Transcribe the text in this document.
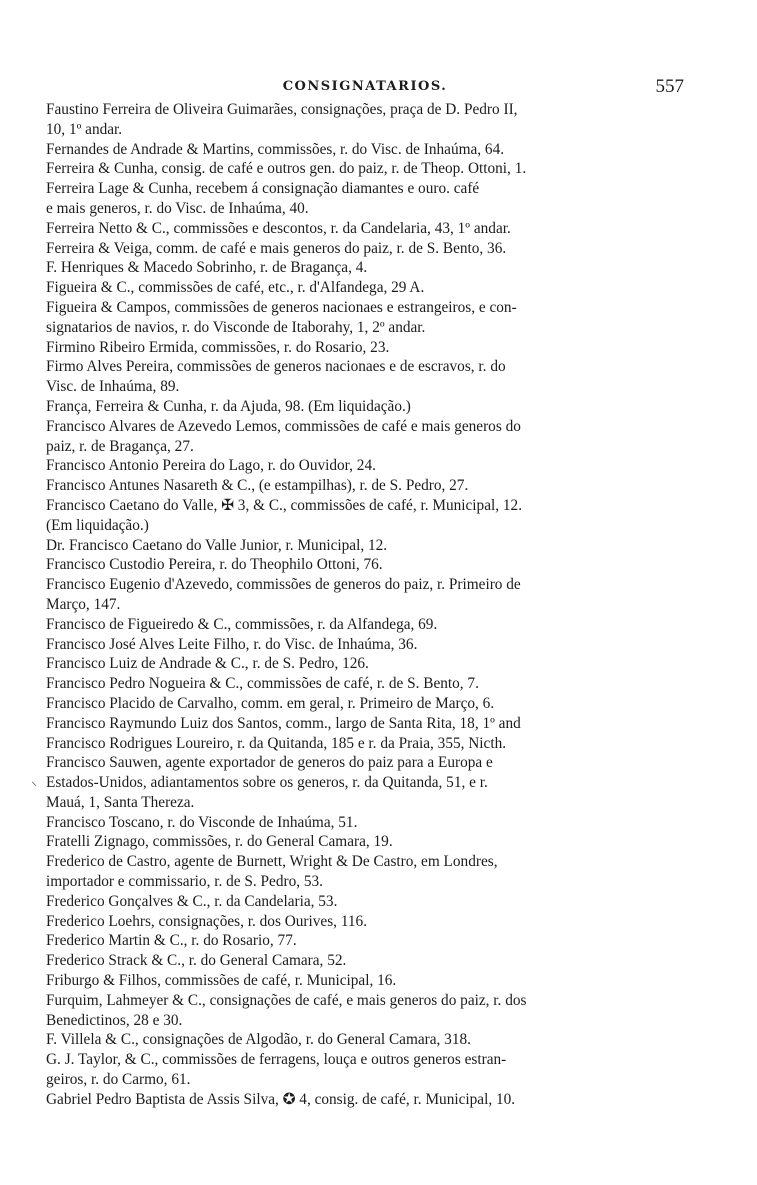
CONSIGNATARIOS.	557
⸜
Faustino Ferreira de Oliveira Guimarães, consignações, praça de D. Pedro II,
10, 1º andar.
Fernandes de Andrade & Martins, commissões, r. do Visc. de Inhaúma, 64.
Ferreira & Cunha, consig. de café e outros gen. do paiz, r. de Theop. Ottoni, 1.
Ferreira Lage & Cunha, recebem á consignação diamantes e ouro. café
e mais generos, r. do Visc. de Inhaúma, 40.
Ferreira Netto & C., commissões e descontos, r. da Candelaria, 43, 1º andar.
Ferreira & Veiga, comm. de café e mais generos do paiz, r. de S. Bento, 36.
F. Henriques & Macedo Sobrinho, r. de Bragança, 4.
Figueira & C., commissões de café, etc., r. d'Alfandega, 29 A.
Figueira & Campos, commissões de generos nacionaes e estrangeiros, e con-
signatarios de navios, r. do Visconde de Itaborahy, 1, 2º andar.
Firmino Ribeiro Ermida, commissões, r. do Rosario, 23.
Firmo Alves Pereira, commissões de generos nacionaes e de escravos, r. do
Visc. de Inhaúma, 89.
França, Ferreira & Cunha, r. da Ajuda, 98. (Em liquidação.)
Francisco Alvares de Azevedo Lemos, commissões de café e mais generos do
paiz, r. de Bragança, 27.
Francisco Antonio Pereira do Lago, r. do Ouvidor, 24.
Francisco Antunes Nasareth & C., (e estampilhas), r. de S. Pedro, 27.
Francisco Caetano do Valle, ✠ 3, & C., commissões de café, r. Municipal, 12.
(Em liquidação.)
Dr. Francisco Caetano do Valle Junior, r. Municipal, 12.
Francisco Custodio Pereira, r. do Theophilo Ottoni, 76.
Francisco Eugenio d'Azevedo, commissões de generos do paiz, r. Primeiro de
Março, 147.
Francisco de Figueiredo & C., commissões, r. da Alfandega, 69.
Francisco José Alves Leite Filho, r. do Visc. de Inhaúma, 36.
Francisco Luiz de Andrade & C., r. de S. Pedro, 126.
Francisco Pedro Nogueira & C., commissões de café, r. de S. Bento, 7.
Francisco Placido de Carvalho, comm. em geral, r. Primeiro de Março, 6.
Francisco Raymundo Luiz dos Santos, comm., largo de Santa Rita, 18, 1º and
Francisco Rodrigues Loureiro, r. da Quitanda, 185 e r. da Praia, 355, Nicth.
Francisco Sauwen, agente exportador de generos do paiz para a Europa e
Estados-Unidos, adiantamentos sobre os generos, r. da Quitanda, 51, e r.
Mauá, 1, Santa Thereza.
Francisco Toscano, r. do Visconde de Inhaúma, 51.
Fratelli Zignago, commissões, r. do General Camara, 19.
Frederico de Castro, agente de Burnett, Wright & De Castro, em Londres,
importador e commissario, r. de S. Pedro, 53.
Frederico Gonçalves & C., r. da Candelaria, 53.
Frederico Loehrs, consignações, r. dos Ourives, 116.
Frederico Martin & C., r. do Rosario, 77.
Frederico Strack & C., r. do General Camara, 52.
Friburgo & Filhos, commissões de café, r. Municipal, 16.
Furquim, Lahmeyer & C., consignações de café, e mais generos do paiz, r. dos
Benedictinos, 28 e 30.
F. Villela & C., consignações de Algodão, r. do General Camara, 318.
G. J. Taylor, & C., commissões de ferragens, louça e outros generos estran-
geiros, r. do Carmo, 61.
Gabriel Pedro Baptista de Assis Silva, ✪ 4, consig. de café, r. Municipal, 10.
